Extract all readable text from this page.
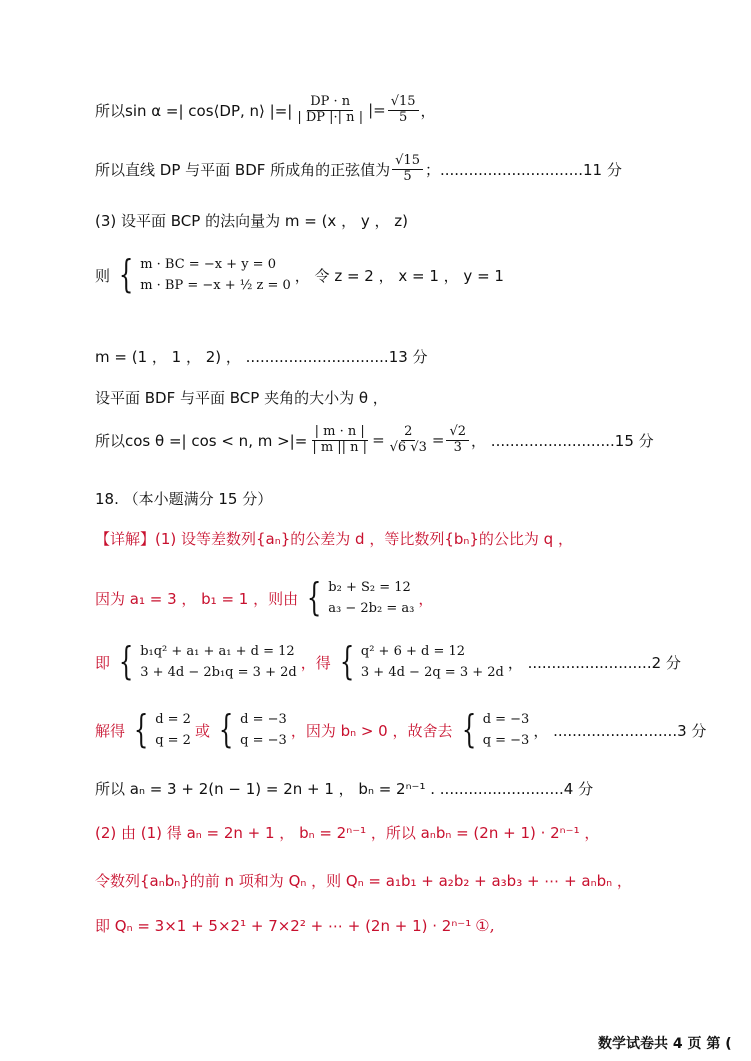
所以sin α =| cos⟨DP, n⟩ |=| $\frac{DP \cdot n}{| DP |\cdot| n |}$ |= $\frac{√15}{5}$ ，
所以直线 DP 与平面 BDF 所成角的正弦值为 $\frac{√15}{5}$ ；..............................11 分
(3) 设平面 BCP 的法向量为 m = (x ， y ， z)
则 { m · BC = −x + y = 0
m · BP = −x + ½ z = 0 ， 令 z = 2 ， x = 1 ， y = 1
m = (1 ， 1 ， 2) ， ..............................13 分
设平面 BDF 与平面 BCP 夹角的大小为 θ ，
所以cos θ =| cos < n, m >|= $\frac{| m \cdot n |}{| m || n |} = \frac{2}{√6 √3} = \frac{√2}{3}$ ， ..........................15 分
18. （本小题满分 15 分）
【详解】(1) 设等差数列{aₙ}的公差为 d ，等比数列{bₙ}的公比为 q ，
因为 a₁ = 3 ， b₁ = 1 ，则由 { b₂ + S₂ = 12
a₃ − 2b₂ = a₃ ，
即 { b₁q² + a₁ + a₁ + d = 12
3 + 4d − 2b₁q = 3 + 2d ，得 { q² + 6 + d = 12
3 + 4d − 2q = 3 + 2d ， ..........................2 分
解得 { d = 2
q = 2 或 { d = −3
q = −3 ，因为 bₙ > 0 ，故舍去 { d = −3
q = −3 ， ..........................3 分
所以 aₙ = 3 + 2(n − 1) = 2n + 1 ， bₙ = 2ⁿ⁻¹ . ..........................4 分
(2) 由 (1) 得 aₙ = 2n + 1 ， bₙ = 2ⁿ⁻¹ ，所以 aₙbₙ = (2n + 1) · 2ⁿ⁻¹ ，
令数列{aₙbₙ}的前 n 项和为 Qₙ ，则 Qₙ = a₁b₁ + a₂b₂ + a₃b₃ + ⋯ + aₙbₙ ，
即 Qₙ = 3×1 + 5×2¹ + 7×2² + ⋯ + (2n + 1) · 2ⁿ⁻¹ ①,
数学试卷共 4 页 第 (
